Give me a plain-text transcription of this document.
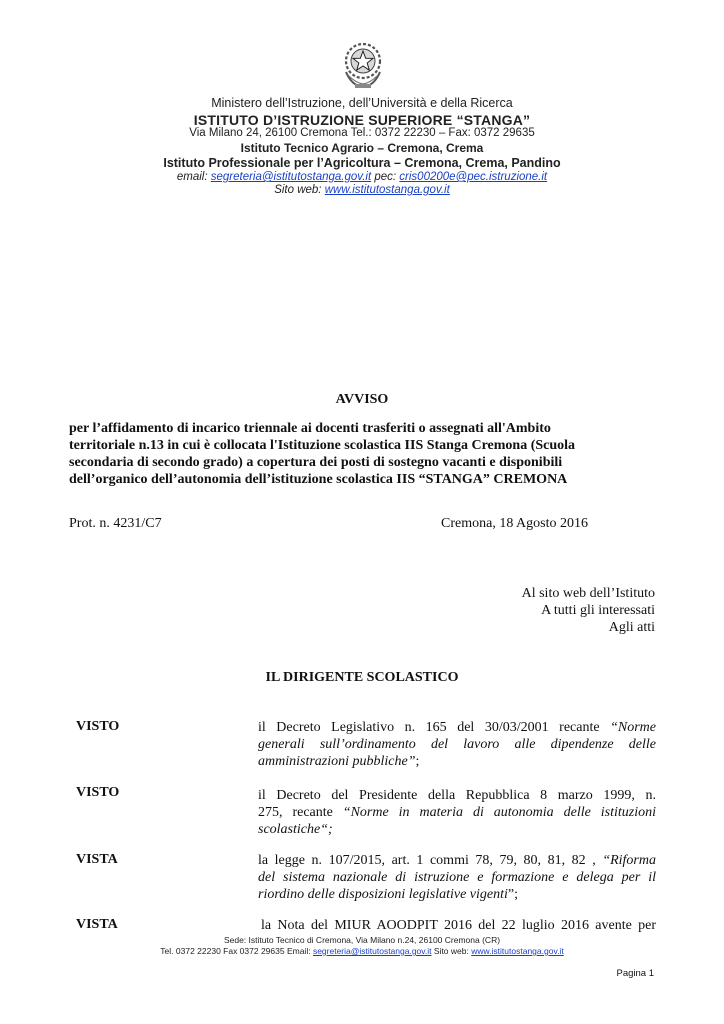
Ministero dell’Istruzione, dell’Università e della Ricerca
ISTITUTO D’ISTRUZIONE SUPERIORE “STANGA”
Via Milano 24, 26100 Cremona Tel.: 0372 22230 – Fax: 0372 29635
Istituto Tecnico Agrario – Cremona, Crema
Istituto Professionale per l’Agricoltura – Cremona, Crema, Pandino
email: segreteria@istitutostanga.gov.it pec: cris00200e@pec.istruzione.it
Sito web: www.istitutostanga.gov.it
AVVISO
per l’affidamento di incarico triennale ai docenti trasferiti o assegnati all'Ambito
territoriale n.13 in cui è collocata l'Istituzione scolastica IIS Stanga Cremona (Scuola
secondaria di secondo grado) a copertura dei posti di sostegno vacanti e disponibili
dell’organico dell’autonomia dell’istituzione scolastica IIS “STANGA” CREMONA
Prot. n. 4231/C7	Cremona, 18 Agosto 2016
Al sito web dell’Istituto
A tutti gli interessati
Agli atti
IL DIRIGENTE SCOLASTICO
VISTO	il Decreto Legislativo n. 165 del 30/03/2001 recante “Norme
generali sull’ordinamento del lavoro alle dipendenze delle
amministrazioni pubbliche”;
VISTO	il Decreto del Presidente della Repubblica 8 marzo 1999, n.
275, recante “Norme in materia di autonomia delle istituzioni
scolastiche“;
VISTA	la legge n. 107/2015, art. 1 commi 78, 79, 80, 81, 82 , “Riforma
del sistema nazionale di istruzione e formazione e delega per il
riordino delle disposizioni legislative vigenti”;
VISTA	la Nota del MIUR AOODPIT 2016 del 22 luglio 2016 avente per
Sede: Istituto Tecnico di Cremona, Via Milano n.24, 26100 Cremona (CR)
Tel. 0372 22230 Fax 0372 29635 Email: segreteria@istitutostanga.gov.it Sito web: www.istitutostanga.gov.it
Pagina 1
